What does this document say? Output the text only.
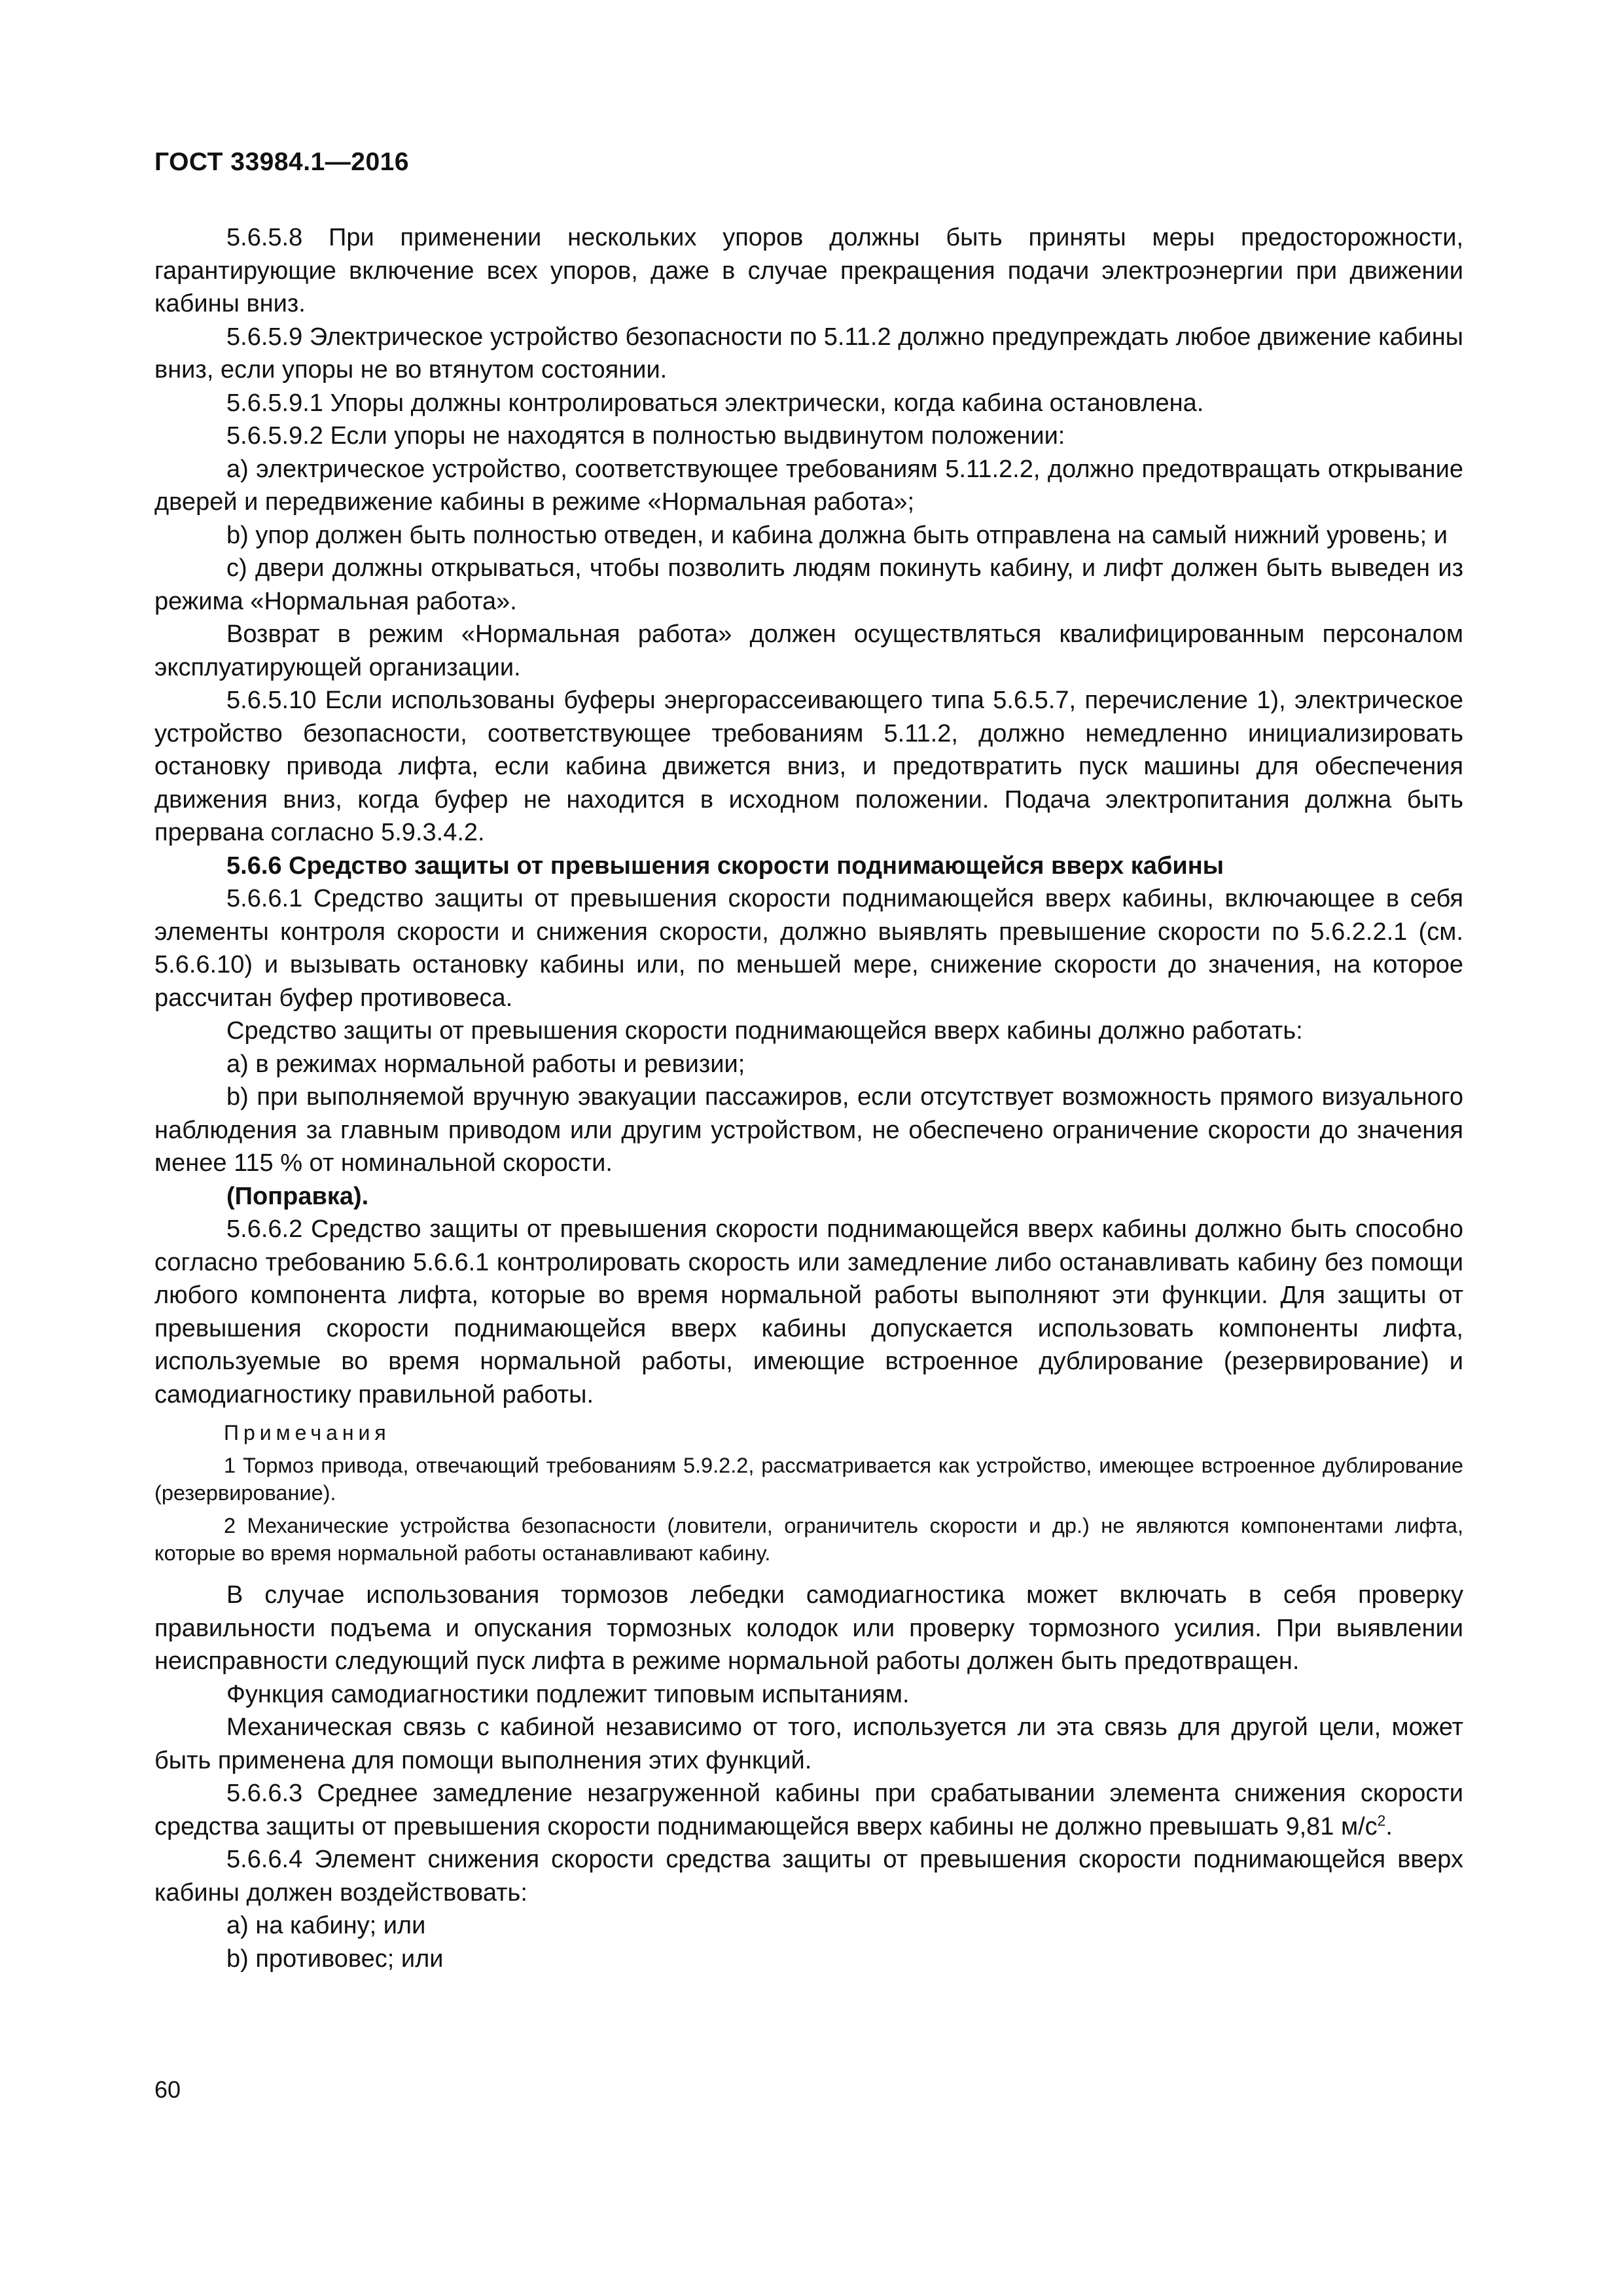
ГОСТ 33984.1—2016

5.6.5.8 При применении нескольких упоров должны быть приняты меры предосторожности, гарантирующие включение всех упоров, даже в случае прекращения подачи электроэнергии при движении кабины вниз.

5.6.5.9 Электрическое устройство безопасности по 5.11.2 должно предупреждать любое движение кабины вниз, если упоры не во втянутом состоянии.

5.6.5.9.1 Упоры должны контролироваться электрически, когда кабина остановлена.

5.6.5.9.2 Если упоры не находятся в полностью выдвинутом положении:

а) электрическое устройство, соответствующее требованиям 5.11.2.2, должно предотвращать открывание дверей и передвижение кабины в режиме «Нормальная работа»;

b) упор должен быть полностью отведен, и кабина должна быть отправлена на самый нижний уровень; и

c) двери должны открываться, чтобы позволить людям покинуть кабину, и лифт должен быть выведен из режима «Нормальная работа».

Возврат в режим «Нормальная работа» должен осуществляться квалифицированным персоналом эксплуатирующей организации.

5.6.5.10 Если использованы буферы энергорассеивающего типа 5.6.5.7, перечисление 1), электрическое устройство безопасности, соответствующее требованиям 5.11.2, должно немедленно инициализировать остановку привода лифта, если кабина движется вниз, и предотвратить пуск машины для обеспечения движения вниз, когда буфер не находится в исходном положении. Подача электропитания должна быть прервана согласно 5.9.3.4.2.

5.6.6 Средство защиты от превышения скорости поднимающейся вверх кабины

5.6.6.1 Средство защиты от превышения скорости поднимающейся вверх кабины, включающее в себя элементы контроля скорости и снижения скорости, должно выявлять превышение скорости по 5.6.2.2.1 (см. 5.6.6.10) и вызывать остановку кабины или, по меньшей мере, снижение скорости до значения, на которое рассчитан буфер противовеса.

Средство защиты от превышения скорости поднимающейся вверх кабины должно работать:

а) в режимах нормальной работы и ревизии;

b) при выполняемой вручную эвакуации пассажиров, если отсутствует возможность прямого визуального наблюдения за главным приводом или другим устройством, не обеспечено ограничение скорости до значения менее 115 % от номинальной скорости.

(Поправка).

5.6.6.2 Средство защиты от превышения скорости поднимающейся вверх кабины должно быть способно согласно требованию 5.6.6.1 контролировать скорость или замедление либо останавливать кабину без помощи любого компонента лифта, которые во время нормальной работы выполняют эти функции. Для защиты от превышения скорости поднимающейся вверх кабины допускается использовать компоненты лифта, используемые во время нормальной работы, имеющие встроенное дублирование (резервирование) и самодиагностику правильной работы.

Примечания

1 Тормоз привода, отвечающий требованиям 5.9.2.2, рассматривается как устройство, имеющее встроенное дублирование (резервирование).

2 Механические устройства безопасности (ловители, ограничитель скорости и др.) не являются компонентами лифта, которые во время нормальной работы останавливают кабину.

В случае использования тормозов лебедки самодиагностика может включать в себя проверку правильности подъема и опускания тормозных колодок или проверку тормозного усилия. При выявлении неисправности следующий пуск лифта в режиме нормальной работы должен быть предотвращен.

Функция самодиагностики подлежит типовым испытаниям.

Механическая связь с кабиной независимо от того, используется ли эта связь для другой цели, может быть применена для помощи выполнения этих функций.

5.6.6.3 Среднее замедление незагруженной кабины при срабатывании элемента снижения скорости средства защиты от превышения скорости поднимающейся вверх кабины не должно превышать 9,81 $м/с^2$.

5.6.6.4 Элемент снижения скорости средства защиты от превышения скорости поднимающейся вверх кабины должен воздействовать:

а) на кабину; или

b) противовес; или

60
